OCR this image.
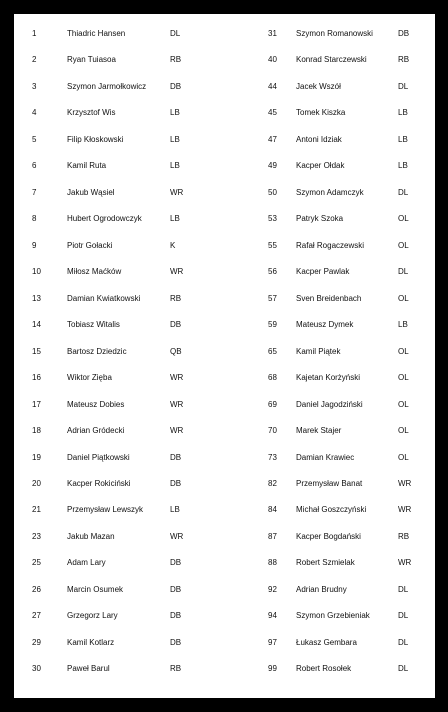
1	Thiadric Hansen	DL	31	Szymon Romanowski	DB
2	Ryan Tuiasoa	RB	40	Konrad Starczewski	RB
3	Szymon Jarmołkowicz	DB	44	Jacek Wszół	DL
4	Krzysztof Wis	LB	45	Tomek Kiszka	LB
5	Filip Kłoskowski	LB	47	Antoni Idziak	LB
6	Kamil Ruta	LB	49	Kacper Ołdak	LB
7	Jakub Wąsiel	WR	50	Szymon Adamczyk	DL
8	Hubert Ogrodowczyk	LB	53	Patryk Szoka	OL
9	Piotr Gołacki	K	55	Rafał Rogaczewski	OL
10	Miłosz Maćków	WR	56	Kacper Pawlak	DL
13	Damian Kwiatkowski	RB	57	Sven Breidenbach	OL
14	Tobiasz Witalis	DB	59	Mateusz Dymek	LB
15	Bartosz Dziedzic	QB	65	Kamil Piątek	OL
16	Wiktor Zięba	WR	68	Kajetan Korżyński	OL
17	Mateusz Dobies	WR	69	Daniel Jagodziński	OL
18	Adrian Gródecki	WR	70	Marek Stajer	OL
19	Daniel Piątkowski	DB	73	Damian Krawiec	OL
20	Kacper Rokiciński	DB	82	Przemysław Banat	WR
21	Przemysław Lewszyk	LB	84	Michał Goszczyński	WR
23	Jakub Mazan	WR	87	Kacper Bogdański	RB
25	Adam Lary	DB	88	Robert Szmielak	WR
26	Marcin Osumek	DB	92	Adrian Brudny	DL
27	Grzegorz Lary	DB	94	Szymon Grzebieniak	DL
29	Kamil Kotlarz	DB	97	Łukasz Gembara	DL
30	Paweł Barul	RB	99	Robert Rosołek	DL
